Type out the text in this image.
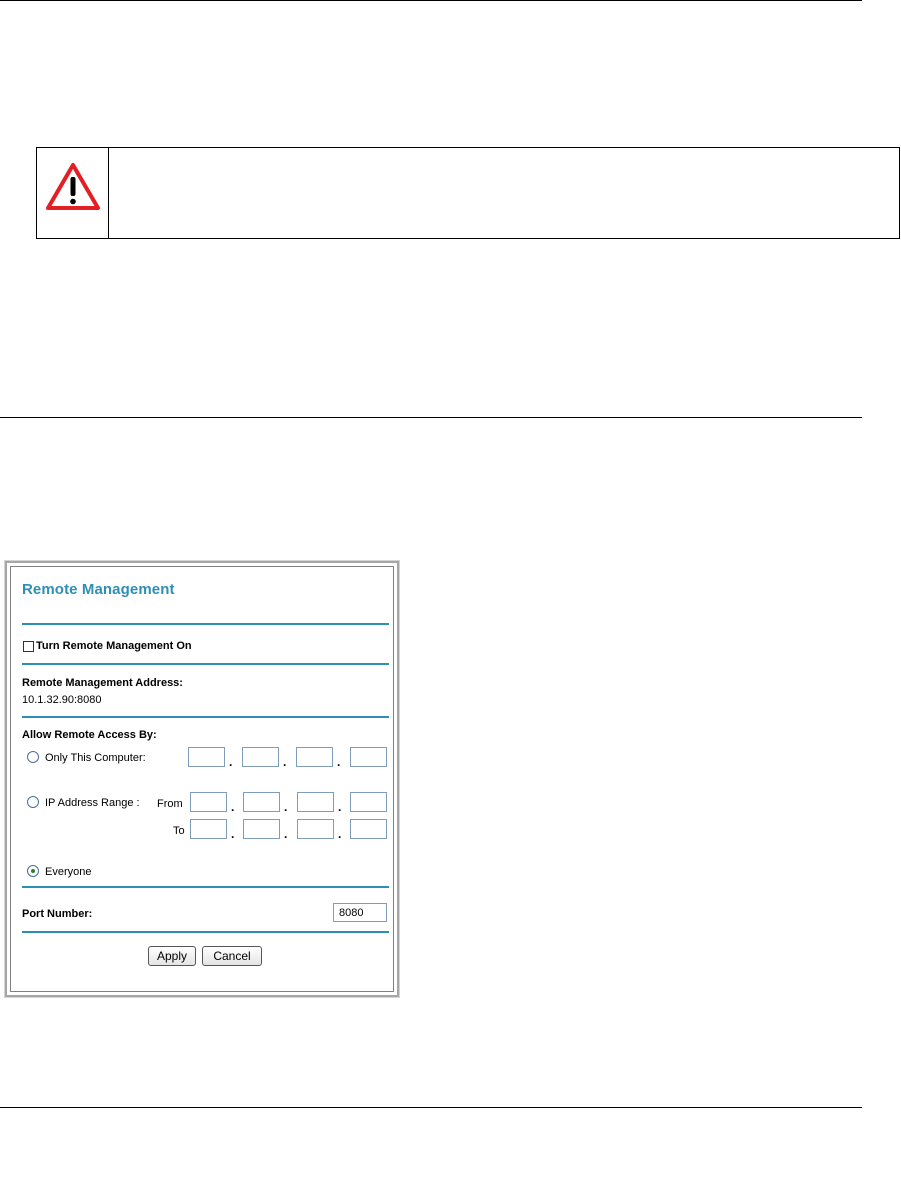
Remote Management
Turn Remote Management On
Remote Management Address:
10.1.32.90:8080
Allow Remote Access By:
Only This Computer:	.	.	.
IP Address Range : From	.	.	.
To	.	.	.
Everyone
Port Number:
8080
Apply	Cancel
